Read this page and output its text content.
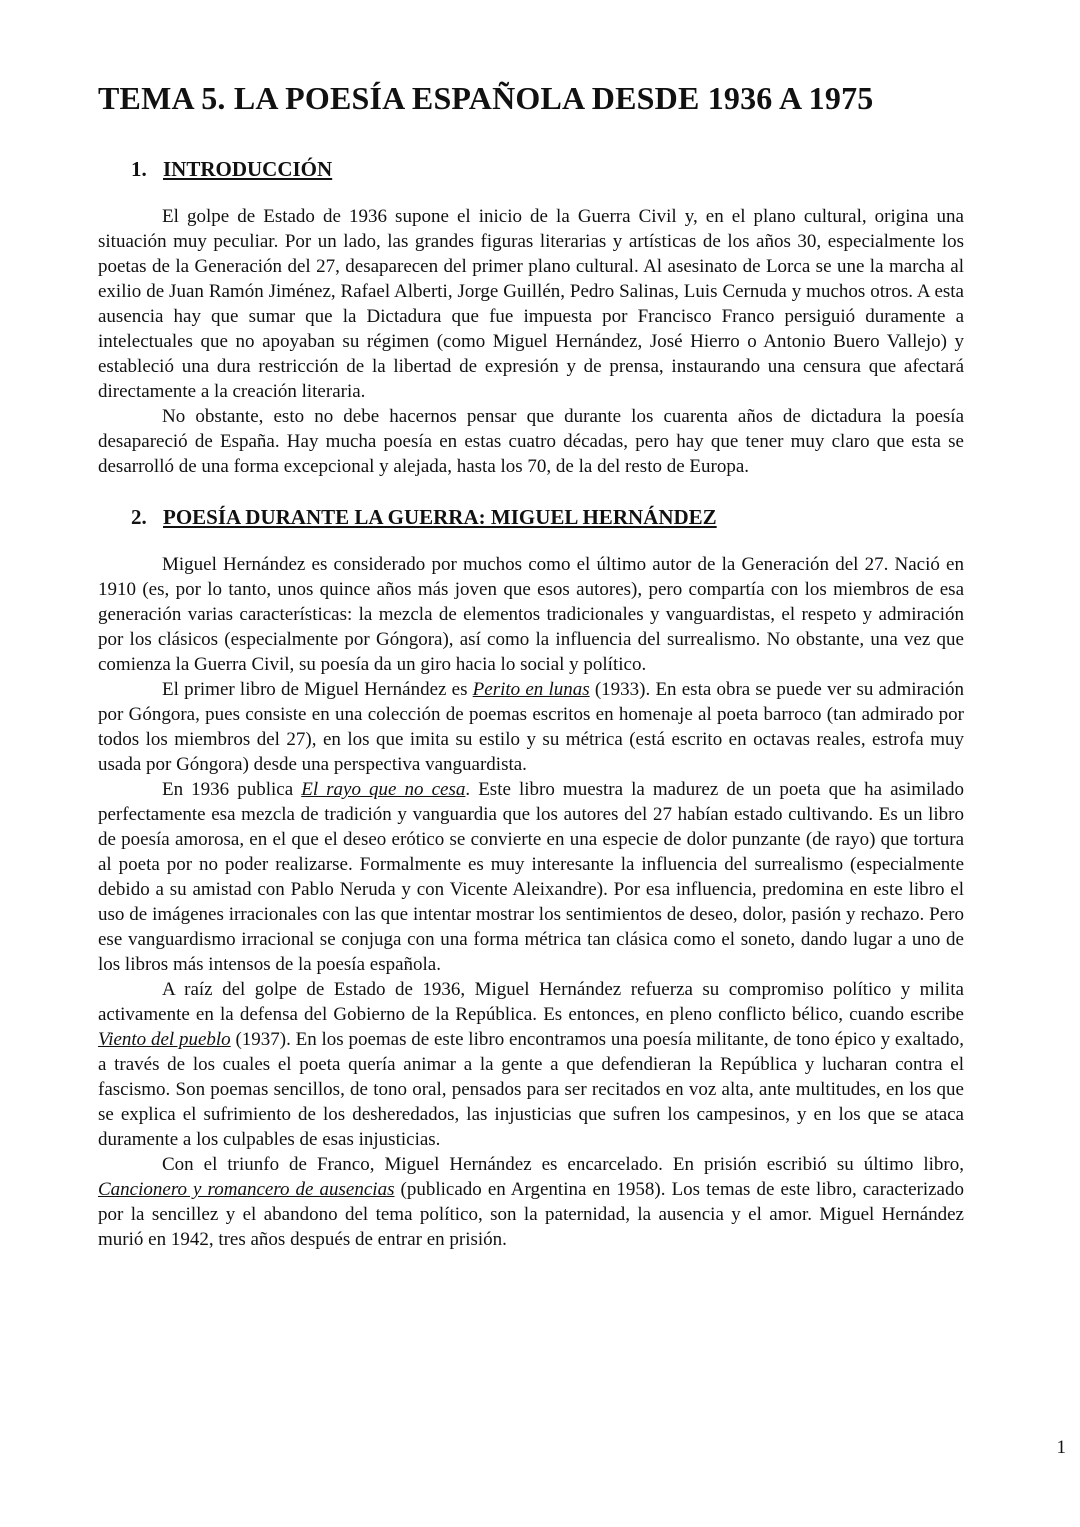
TEMA 5. LA POESÍA ESPAÑOLA DESDE 1936 A 1975
1. INTRODUCCIÓN

El golpe de Estado de 1936 supone el inicio de la Guerra Civil y, en el plano cultural, origina una situación muy peculiar. Por un lado, las grandes figuras literarias y artísticas de los años 30, especialmente los poetas de la Generación del 27, desaparecen del primer plano cultural. Al asesinato de Lorca se une la marcha al exilio de Juan Ramón Jiménez, Rafael Alberti, Jorge Guillén, Pedro Salinas, Luis Cernuda y muchos otros. A esta ausencia hay que sumar que la Dictadura que fue impuesta por Francisco Franco persiguió duramente a intelectuales que no apoyaban su régimen (como Miguel Hernández, José Hierro o Antonio Buero Vallejo) y estableció una dura restricción de la libertad de expresión y de prensa, instaurando una censura que afectará directamente a la creación literaria.

No obstante, esto no debe hacernos pensar que durante los cuarenta años de dictadura la poesía desapareció de España. Hay mucha poesía en estas cuatro décadas, pero hay que tener muy claro que esta se desarrolló de una forma excepcional y alejada, hasta los 70, de la del resto de Europa.

2. POESÍA DURANTE LA GUERRA: MIGUEL HERNÁNDEZ

Miguel Hernández es considerado por muchos como el último autor de la Generación del 27. Nació en 1910 (es, por lo tanto, unos quince años más joven que esos autores), pero compartía con los miembros de esa generación varias características: la mezcla de elementos tradicionales y vanguardistas, el respeto y admiración por los clásicos (especialmente por Góngora), así como la influencia del surrealismo. No obstante, una vez que comienza la Guerra Civil, su poesía da un giro hacia lo social y político.

El primer libro de Miguel Hernández es Perito en lunas (1933). En esta obra se puede ver su admiración por Góngora, pues consiste en una colección de poemas escritos en homenaje al poeta barroco (tan admirado por todos los miembros del 27), en los que imita su estilo y su métrica (está escrito en octavas reales, estrofa muy usada por Góngora) desde una perspectiva vanguardista.

En 1936 publica El rayo que no cesa. Este libro muestra la madurez de un poeta que ha asimilado perfectamente esa mezcla de tradición y vanguardia que los autores del 27 habían estado cultivando. Es un libro de poesía amorosa, en el que el deseo erótico se convierte en una especie de dolor punzante (de rayo) que tortura al poeta por no poder realizarse. Formalmente es muy interesante la influencia del surrealismo (especialmente debido a su amistad con Pablo Neruda y con Vicente Aleixandre). Por esa influencia, predomina en este libro el uso de imágenes irracionales con las que intentar mostrar los sentimientos de deseo, dolor, pasión y rechazo. Pero ese vanguardismo irracional se conjuga con una forma métrica tan clásica como el soneto, dando lugar a uno de los libros más intensos de la poesía española.

A raíz del golpe de Estado de 1936, Miguel Hernández refuerza su compromiso político y milita activamente en la defensa del Gobierno de la República. Es entonces, en pleno conflicto bélico, cuando escribe Viento del pueblo (1937). En los poemas de este libro encontramos una poesía militante, de tono épico y exaltado, a través de los cuales el poeta quería animar a la gente a que defendieran la República y lucharan contra el fascismo. Son poemas sencillos, de tono oral, pensados para ser recitados en voz alta, ante multitudes, en los que se explica el sufrimiento de los desheredados, las injusticias que sufren los campesinos, y en los que se ataca duramente a los culpables de esas injusticias.

Con el triunfo de Franco, Miguel Hernández es encarcelado. En prisión escribió su último libro, Cancionero y romancero de ausencias (publicado en Argentina en 1958). Los temas de este libro, caracterizado por la sencillez y el abandono del tema político, son la paternidad, la ausencia y el amor. Miguel Hernández murió en 1942, tres años después de entrar en prisión.

1
